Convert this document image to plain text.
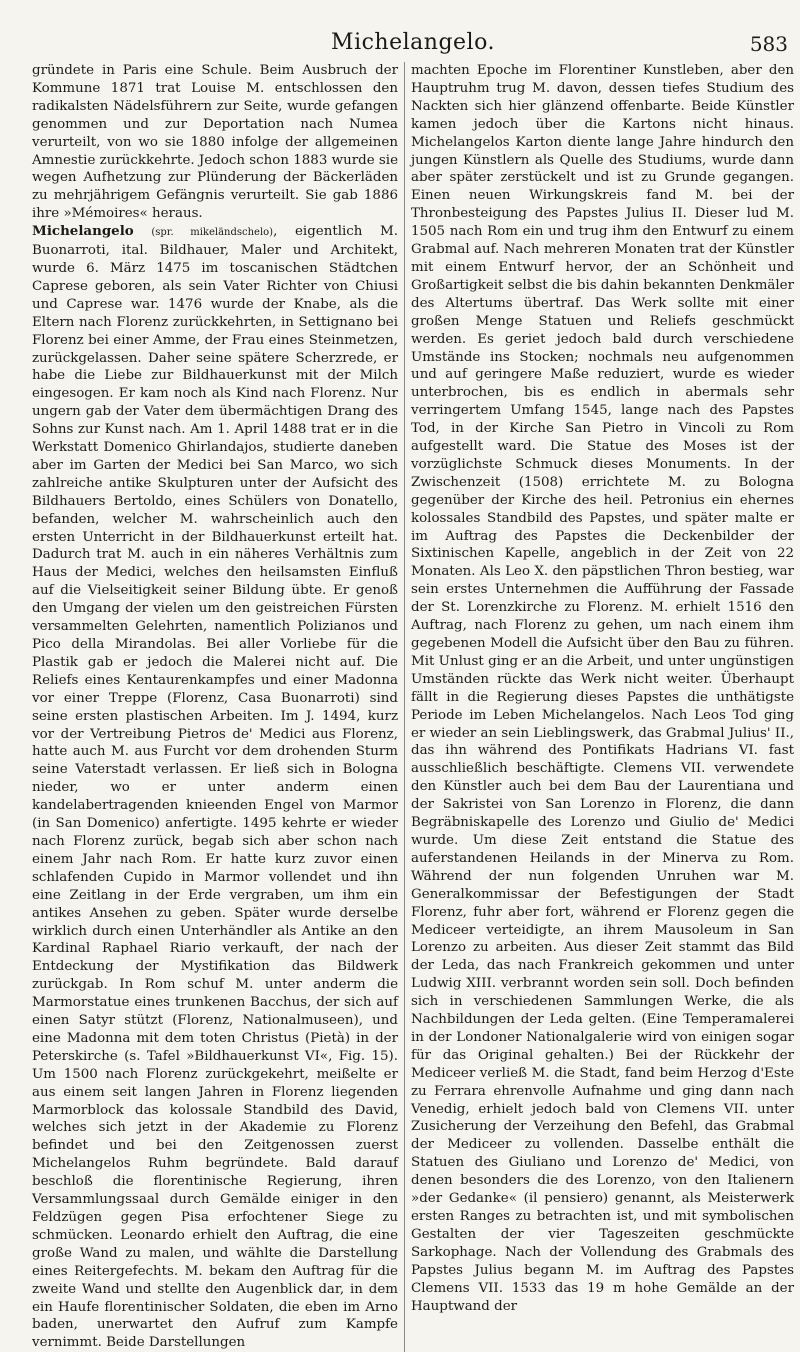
Michelangelo.	583

gründete in Paris eine Schule. Beim Ausbruch der Kommune 1871 trat Louise M. entschlossen den radikalsten Nädelsführern zur Seite, wurde gefangen genommen und zur Deportation nach Numea verurteilt, von wo sie 1880 infolge der allgemeinen Amnestie zurückkehrte. Jedoch schon 1883 wurde sie wegen Aufhetzung zur Plünderung der Bäckerläden zu mehrjährigem Gefängnis verurteilt. Sie gab 1886 ihre »Mémoires« heraus.

Michelangelo (spr. mikeländschelo), eigentlich M. Buonarroti, ital. Bildhauer, Maler und Architekt, wurde 6. März 1475 im toscanischen Städtchen Caprese geboren, als sein Vater Richter von Chiusi und Caprese war. 1476 wurde der Knabe, als die Eltern nach Florenz zurückkehrten, in Settignano bei Florenz bei einer Amme, der Frau eines Steinmetzen, zurückgelassen. Daher seine spätere Scherzrede, er habe die Liebe zur Bildhauerkunst mit der Milch eingesogen. Er kam noch als Kind nach Florenz. Nur ungern gab der Vater dem übermächtigen Drang des Sohns zur Kunst nach. Am 1. April 1488 trat er in die Werkstatt Domenico Ghirlandajos, studierte daneben aber im Garten der Medici bei San Marco, wo sich zahlreiche antike Skulpturen unter der Aufsicht des Bildhauers Bertoldo, eines Schülers von Donatello, befanden, welcher M. wahrscheinlich auch den ersten Unterricht in der Bildhauerkunst erteilt hat. Dadurch trat M. auch in ein näheres Verhältnis zum Haus der Medici, welches den heilsamsten Einfluß auf die Vielseitigkeit seiner Bildung übte. Er genoß den Umgang der vielen um den geistreichen Fürsten versammelten Gelehrten, namentlich Polizianos und Pico della Mirandolas. Bei aller Vorliebe für die Plastik gab er jedoch die Malerei nicht auf. Die Reliefs eines Kentaurenkampfes und einer Madonna vor einer Treppe (Florenz, Casa Buonarroti) sind seine ersten plastischen Arbeiten. Im J. 1494, kurz vor der Vertreibung Pietros de' Medici aus Florenz, hatte auch M. aus Furcht vor dem drohenden Sturm seine Vaterstadt verlassen. Er ließ sich in Bologna nieder, wo er unter anderm einen kandelabertragenden knieenden Engel von Marmor (in San Domenico) anfertigte. 1495 kehrte er wieder nach Florenz zurück, begab sich aber schon nach einem Jahr nach Rom. Er hatte kurz zuvor einen schlafenden Cupido in Marmor vollendet und ihn eine Zeitlang in der Erde vergraben, um ihm ein antikes Ansehen zu geben. Später wurde derselbe wirklich durch einen Unterhändler als Antike an den Kardinal Raphael Riario verkauft, der nach der Entdeckung der Mystifikation das Bildwerk zurückgab. In Rom schuf M. unter anderm die Marmorstatue eines trunkenen Bacchus, der sich auf einen Satyr stützt (Florenz, Nationalmuseen), und eine Madonna mit dem toten Christus (Pietà) in der Peterskirche (s. Tafel »Bildhauerkunst VI«, Fig. 15). Um 1500 nach Florenz zurückgekehrt, meißelte er aus einem seit langen Jahren in Florenz liegenden Marmorblock das kolossale Standbild des David, welches sich jetzt in der Akademie zu Florenz befindet und bei den Zeitgenossen zuerst Michelangelos Ruhm begründete. Bald darauf beschloß die florentinische Regierung, ihren Versammlungssaal durch Gemälde einiger in den Feldzügen gegen Pisa erfochtener Siege zu schmücken. Leonardo erhielt den Auftrag, die eine große Wand zu malen, und wählte die Darstellung eines Reitergefechts. M. bekam den Auftrag für die zweite Wand und stellte den Augenblick dar, in dem ein Haufe florentinischer Soldaten, die eben im Arno baden, unerwartet den Aufruf zum Kampfe vernimmt. Beide Darstellungen

machten Epoche im Florentiner Kunstleben, aber den Hauptruhm trug M. davon, dessen tiefes Studium des Nackten sich hier glänzend offenbarte. Beide Künstler kamen jedoch über die Kartons nicht hinaus. Michelangelos Karton diente lange Jahre hindurch den jungen Künstlern als Quelle des Studiums, wurde dann aber später zerstückelt und ist zu Grunde gegangen. Einen neuen Wirkungskreis fand M. bei der Thronbesteigung des Papstes Julius II. Dieser lud M. 1505 nach Rom ein und trug ihm den Entwurf zu einem Grabmal auf. Nach mehreren Monaten trat der Künstler mit einem Entwurf hervor, der an Schönheit und Großartigkeit selbst die bis dahin bekannten Denkmäler des Altertums übertraf. Das Werk sollte mit einer großen Menge Statuen und Reliefs geschmückt werden. Es geriet jedoch bald durch verschiedene Umstände ins Stocken; nochmals neu aufgenommen und auf geringere Maße reduziert, wurde es wieder unterbrochen, bis es endlich in abermals sehr verringertem Umfang 1545, lange nach des Papstes Tod, in der Kirche San Pietro in Vincoli zu Rom aufgestellt ward. Die Statue des Moses ist der vorzüglichste Schmuck dieses Monuments. In der Zwischenzeit (1508) errichtete M. zu Bologna gegenüber der Kirche des heil. Petronius ein ehernes kolossales Standbild des Papstes, und später malte er im Auftrag des Papstes die Deckenbilder der Sixtinischen Kapelle, angeblich in der Zeit von 22 Monaten. Als Leo X. den päpstlichen Thron bestieg, war sein erstes Unternehmen die Aufführung der Fassade der St. Lorenzkirche zu Florenz. M. erhielt 1516 den Auftrag, nach Florenz zu gehen, um nach einem ihm gegebenen Modell die Aufsicht über den Bau zu führen. Mit Unlust ging er an die Arbeit, und unter ungünstigen Umständen rückte das Werk nicht weiter. Überhaupt fällt in die Regierung dieses Papstes die unthätigste Periode im Leben Michelangelos. Nach Leos Tod ging er wieder an sein Lieblingswerk, das Grabmal Julius' II., das ihn während des Pontifikats Hadrians VI. fast ausschließlich beschäftigte. Clemens VII. verwendete den Künstler auch bei dem Bau der Laurentiana und der Sakristei von San Lorenzo in Florenz, die dann Begräbniskapelle des Lorenzo und Giulio de' Medici wurde. Um diese Zeit entstand die Statue des auferstandenen Heilands in der Minerva zu Rom. Während der nun folgenden Unruhen war M. Generalkommissar der Befestigungen der Stadt Florenz, fuhr aber fort, während er Florenz gegen die Mediceer verteidigte, an ihrem Mausoleum in San Lorenzo zu arbeiten. Aus dieser Zeit stammt das Bild der Leda, das nach Frankreich gekommen und unter Ludwig XIII. verbrannt worden sein soll. Doch befinden sich in verschiedenen Sammlungen Werke, die als Nachbildungen der Leda gelten. (Eine Temperamalerei in der Londoner Nationalgalerie wird von einigen sogar für das Original gehalten.) Bei der Rückkehr der Mediceer verließ M. die Stadt, fand beim Herzog d'Este zu Ferrara ehrenvolle Aufnahme und ging dann nach Venedig, erhielt jedoch bald von Clemens VII. unter Zusicherung der Verzeihung den Befehl, das Grabmal der Mediceer zu vollenden. Dasselbe enthält die Statuen des Giuliano und Lorenzo de' Medici, von denen besonders die des Lorenzo, von den Italienern »der Gedanke« (il pensiero) genannt, als Meisterwerk ersten Ranges zu betrachten ist, und mit symbolischen Gestalten der vier Tageszeiten geschmückte Sarkophage. Nach der Vollendung des Grabmals des Papstes Julius begann M. im Auftrag des Papstes Clemens VII. 1533 das 19 m hohe Gemälde an der Hauptwand der
